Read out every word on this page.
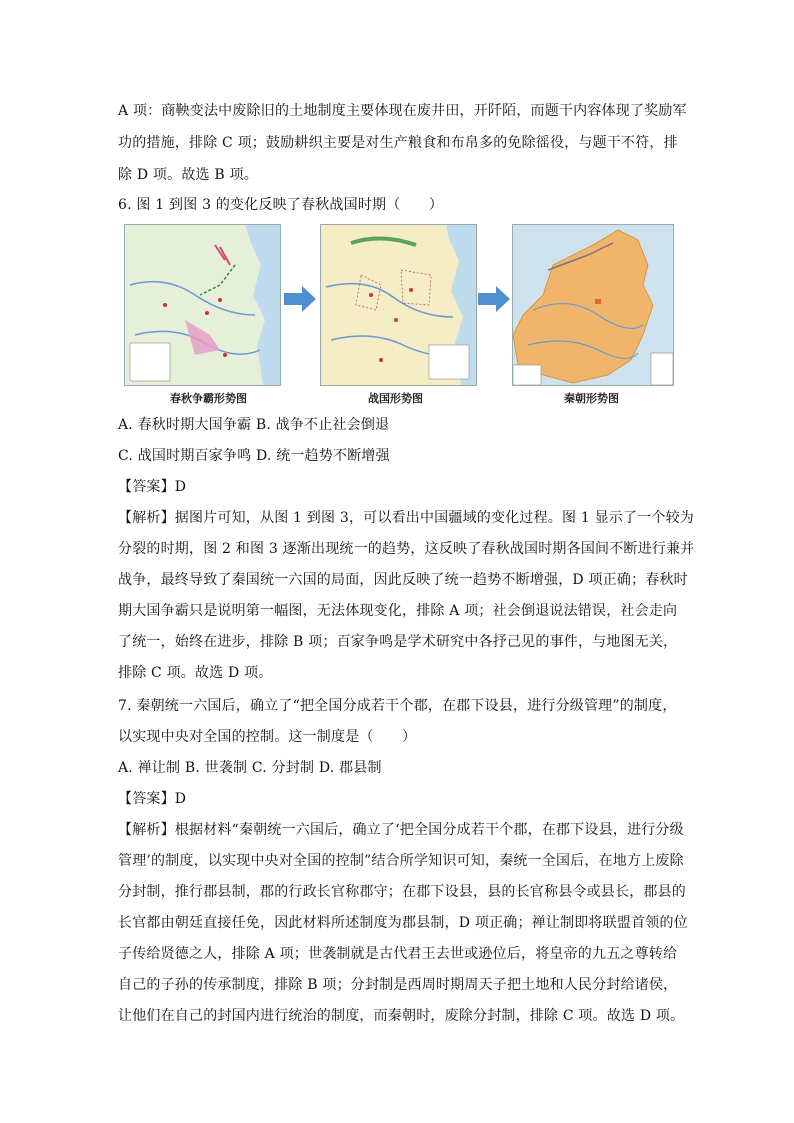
A 项：商鞅变法中废除旧的土地制度主要体现在废井田，开阡陌，而题干内容体现了奖励军
功的措施，排除 C 项；鼓励耕织主要是对生产粮食和布帛多的免除徭役，与题干不符，排
除 D 项。故选 B 项。
6. 图 1 到图 3 的变化反映了春秋战国时期（　　）
春秋争霸形势图	战国形势图	秦朝形势图
A. 春秋时期大国争霸 B. 战争不止社会倒退
C. 战国时期百家争鸣 D. 统一趋势不断增强
【答案】D
【解析】据图片可知，从图 1 到图 3，可以看出中国疆域的变化过程。图 1 显示了一个较为
分裂的时期，图 2 和图 3 逐渐出现统一的趋势，这反映了春秋战国时期各国间不断进行兼并
战争，最终导致了秦国统一六国的局面，因此反映了统一趋势不断增强，D 项正确；春秋时
期大国争霸只是说明第一幅图，无法体现变化，排除 A 项；社会倒退说法错误，社会走向
了统一，始终在进步，排除 B 项；百家争鸣是学术研究中各抒己见的事件，与地图无关，
排除 C 项。故选 D 项。
7. 秦朝统一六国后，确立了“把全国分成若干个郡，在郡下设县，进行分级管理”的制度，
以实现中央对全国的控制。这一制度是（　　）
A. 禅让制 B. 世袭制 C. 分封制 D. 郡县制
【答案】D
【解析】根据材料“秦朝统一六国后，确立了‘把全国分成若干个郡，在郡下设县，进行分级
管理’的制度，以实现中央对全国的控制”结合所学知识可知，秦统一全国后，在地方上废除
分封制，推行郡县制，郡的行政长官称郡守；在郡下设县，县的长官称县令或县长，郡县的
长官都由朝廷直接任免，因此材料所述制度为郡县制，D 项正确；禅让制即将联盟首领的位
子传给贤德之人，排除 A 项；世袭制就是古代君王去世或逊位后，将皇帝的九五之尊转给
自己的子孙的传承制度，排除 B 项；分封制是西周时期周天子把土地和人民分封给诸侯，
让他们在自己的封国内进行统治的制度，而秦朝时，废除分封制，排除 C 项。故选 D 项。
